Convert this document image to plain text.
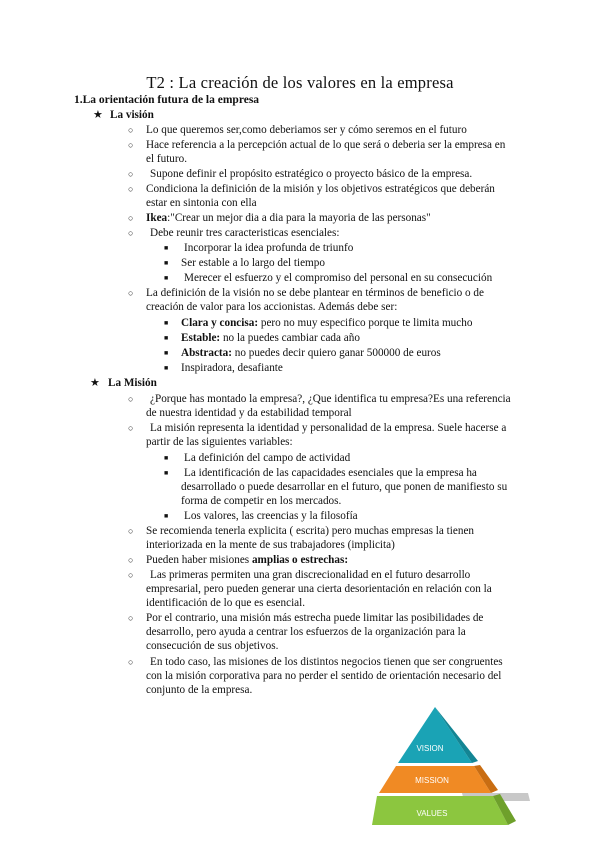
T2 : La creación de los valores en la empresa
1.La orientación futura de la empresa
★ La visión
○ Lo que queremos ser,como deberiamos ser y cómo seremos en el futuro
○ Hace referencia a la percepción actual de lo que será o deberia ser la empresa en
el futuro.
○ Supone definir el propósito estratégico o proyecto básico de la empresa.
○ Condiciona la definición de la misión y los objetivos estratégicos que deberán
estar en sintonia con ella
○ Ikea:"Crear un mejor dia a dia para la mayoria de las personas"
○ Debe reunir tres caracteristicas esenciales:
■ Incorporar la idea profunda de triunfo
■ Ser estable a lo largo del tiempo
■ Merecer el esfuerzo y el compromiso del personal en su consecución
○ La definición de la visión no se debe plantear en términos de beneficio o de
creación de valor para los accionistas. Además debe ser:
■ Clara y concisa: pero no muy especifico porque te limita mucho
■ Estable: no la puedes cambiar cada año
■ Abstracta: no puedes decir quiero ganar 500000 de euros
■ Inspiradora, desafiante
★ La Misión
○ ¿Porque has montado la empresa?, ¿Que identifica tu empresa?Es una referencia
de nuestra identidad y da estabilidad temporal
○ La misión representa la identidad y personalidad de la empresa. Suele hacerse a
partir de las siguientes variables:
■ La definición del campo de actividad
■ La identificación de las capacidades esenciales que la empresa ha
desarrollado o puede desarrollar en el futuro, que ponen de manifiesto su
forma de competir en los mercados.
■ Los valores, las creencias y la filosofía
○ Se recomienda tenerla explicita ( escrita) pero muchas empresas la tienen
interiorizada en la mente de sus trabajadores (implicita)
○ Pueden haber misiones amplias o estrechas:
○ Las primeras permiten una gran discrecionalidad en el futuro desarrollo
empresarial, pero pueden generar una cierta desorientación en relación con la
identificación de lo que es esencial.
○ Por el contrario, una misión más estrecha puede limitar las posibilidades de
desarrollo, pero ayuda a centrar los esfuerzos de la organización para la
consecución de sus objetivos.
○ En todo caso, las misiones de los distintos negocios tienen que ser congruentes
con la misión corporativa para no perder el sentido de orientación necesario del
conjunto de la empresa.
VISION
MISSION
VALUES
